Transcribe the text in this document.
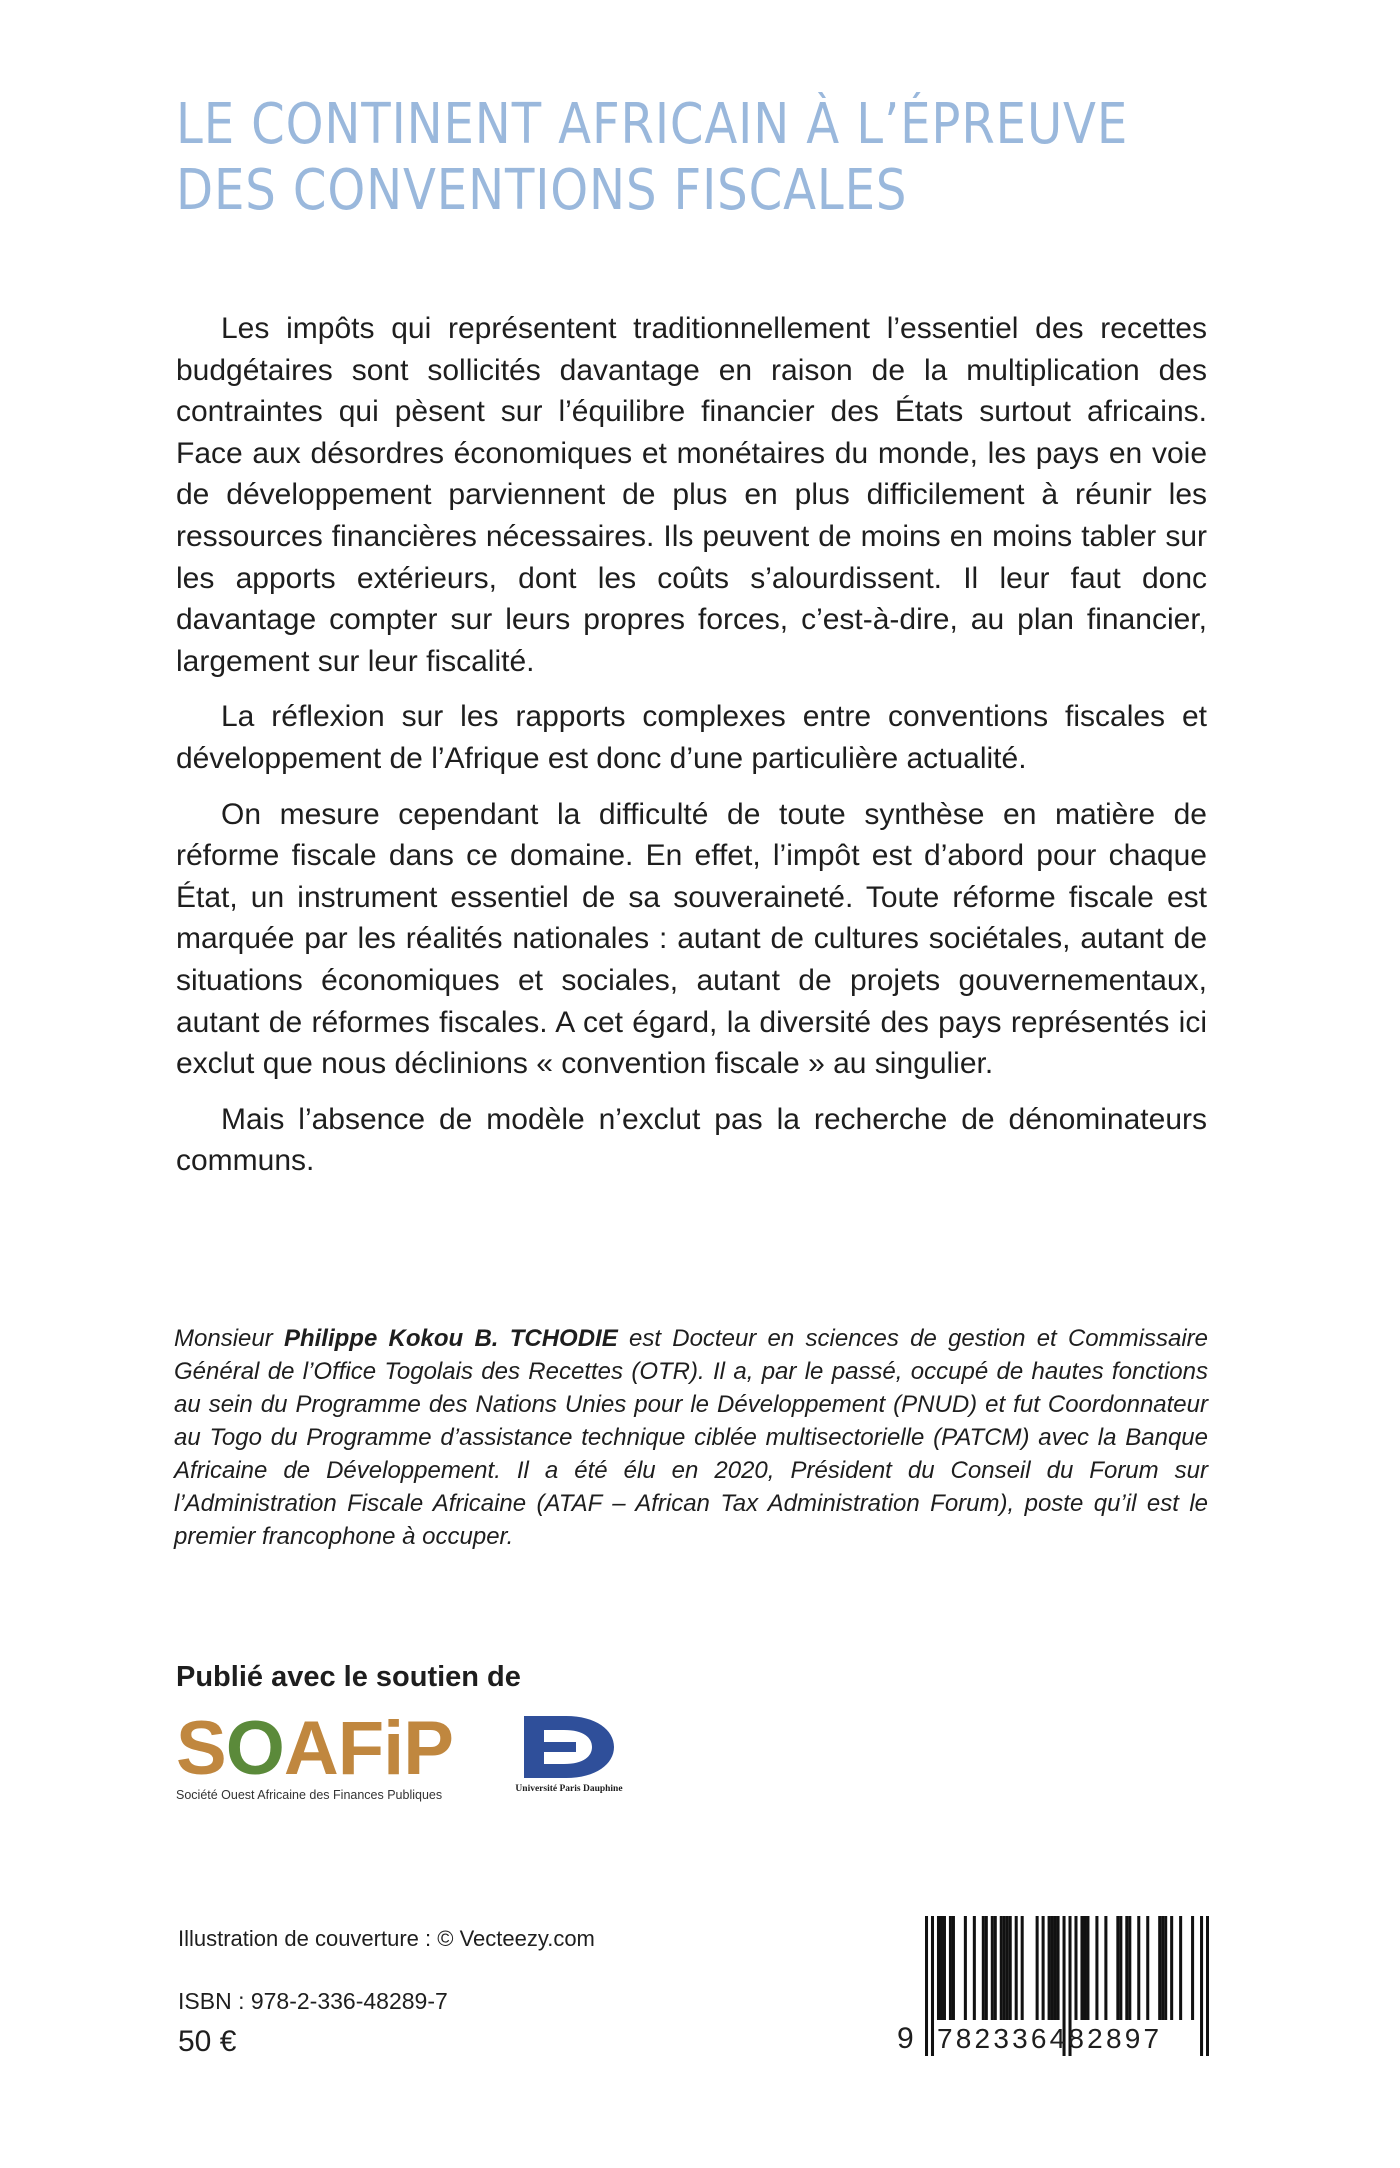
LE CONTINENT AFRICAIN À L’ÉPREUVE
DES CONVENTIONS FISCALES

Les impôts qui représentent traditionnellement l’essentiel des recettes budgétaires sont sollicités davantage en raison de la multiplication des contraintes qui pèsent sur l’équilibre financier des États surtout africains. Face aux désordres économiques et monétaires du monde, les pays en voie de développement parviennent de plus en plus difficilement à réunir les ressources financières nécessaires. Ils peuvent de moins en moins tabler sur les apports extérieurs, dont les coûts s’alourdissent. Il leur faut donc davantage compter sur leurs propres forces, c’est-à-dire, au plan financier, largement sur leur fiscalité.

La réflexion sur les rapports complexes entre conventions fiscales et développement de l’Afrique est donc d’une particulière actualité.

On mesure cependant la difficulté de toute synthèse en matière de réforme fiscale dans ce domaine. En effet, l’impôt est d’abord pour chaque État, un instrument essentiel de sa souveraineté. Toute réforme fiscale est marquée par les réalités nationales : autant de cultures sociétales, autant de situations économiques et sociales, autant de projets gouvernementaux, autant de réformes fiscales. A cet égard, la diversité des pays représentés ici exclut que nous déclinions « convention fiscale » au singulier.

Mais l’absence de modèle n’exclut pas la recherche de dénominateurs communs.

Monsieur Philippe Kokou B. TCHODIE est Docteur en sciences de gestion et Commissaire Général de l’Office Togolais des Recettes (OTR). Il a, par le passé, occupé de hautes fonctions au sein du Programme des Nations Unies pour le Développement (PNUD) et fut Coordonnateur au Togo du Programme d’assistance technique ciblée multisectorielle (PATCM) avec la Banque Africaine de Développement. Il a été élu en 2020, Président du Conseil du Forum sur l’Administration Fiscale Africaine (ATAF – African Tax Administration Forum), poste qu’il est le premier francophone à occuper.
Publié avec le soutien de
SOAFiP
Société Ouest Africaine des Finances Publiques	Université Paris Dauphine
Illustration de couverture : © Vecteezy.com
ISBN : 978-2-336-48289-7
50 €	9 782336482897
